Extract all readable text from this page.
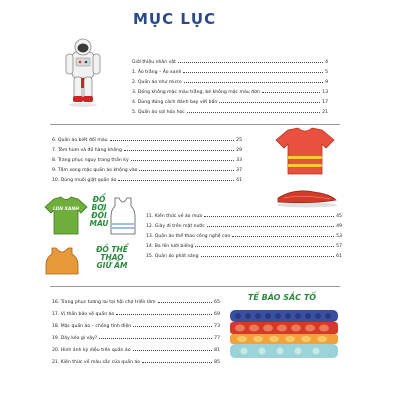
MỤC LỤC
Giới thiệu nhân vật	4
1. Áo trắng – Áo xanh	5
2. Quần áo như micro	9
3. Đồng không mặc màu trắng, bé không mặc màu đơn	13
4. Dùng đúng cách đánh bay vết bẩn	17
5. Quần áo sợi hóa học	21
6. Quần áo biết đổi màu	25
7. Tôm hùm và đồ hàng không	29
8. Trang phục nguy trang thần kỳ	33
9. Tắm xong mặc quần áo không vào	37
10. Dùng muối giặt quần áo	41
LÙN XANH
ĐỔ BƠI
ĐỔI
MÀU
ĐỒ THỂ THAO
GIỮ ẤM
11. Kiến thức về áo mưa	45
12. Giày đi trên mặt nước	49
13. Quần áo thể thao công nghệ cao	53
14. Ba lên lười biếng	57
15. Quần áo phát sáng	61
16. Trang phục tương lai tại hội chợ triển lãm	65
17. Vị thần bảo vệ quần áo	69
18. Mặc quần áo – chống tĩnh điện	73
19. Dây kéo gì vậy?	77
20. Hình ảnh kỳ diệu trên quần áo	81
21. Kiến thức về màu sắc của quần áo	85
TẾ BÀO SẮC TỐ
